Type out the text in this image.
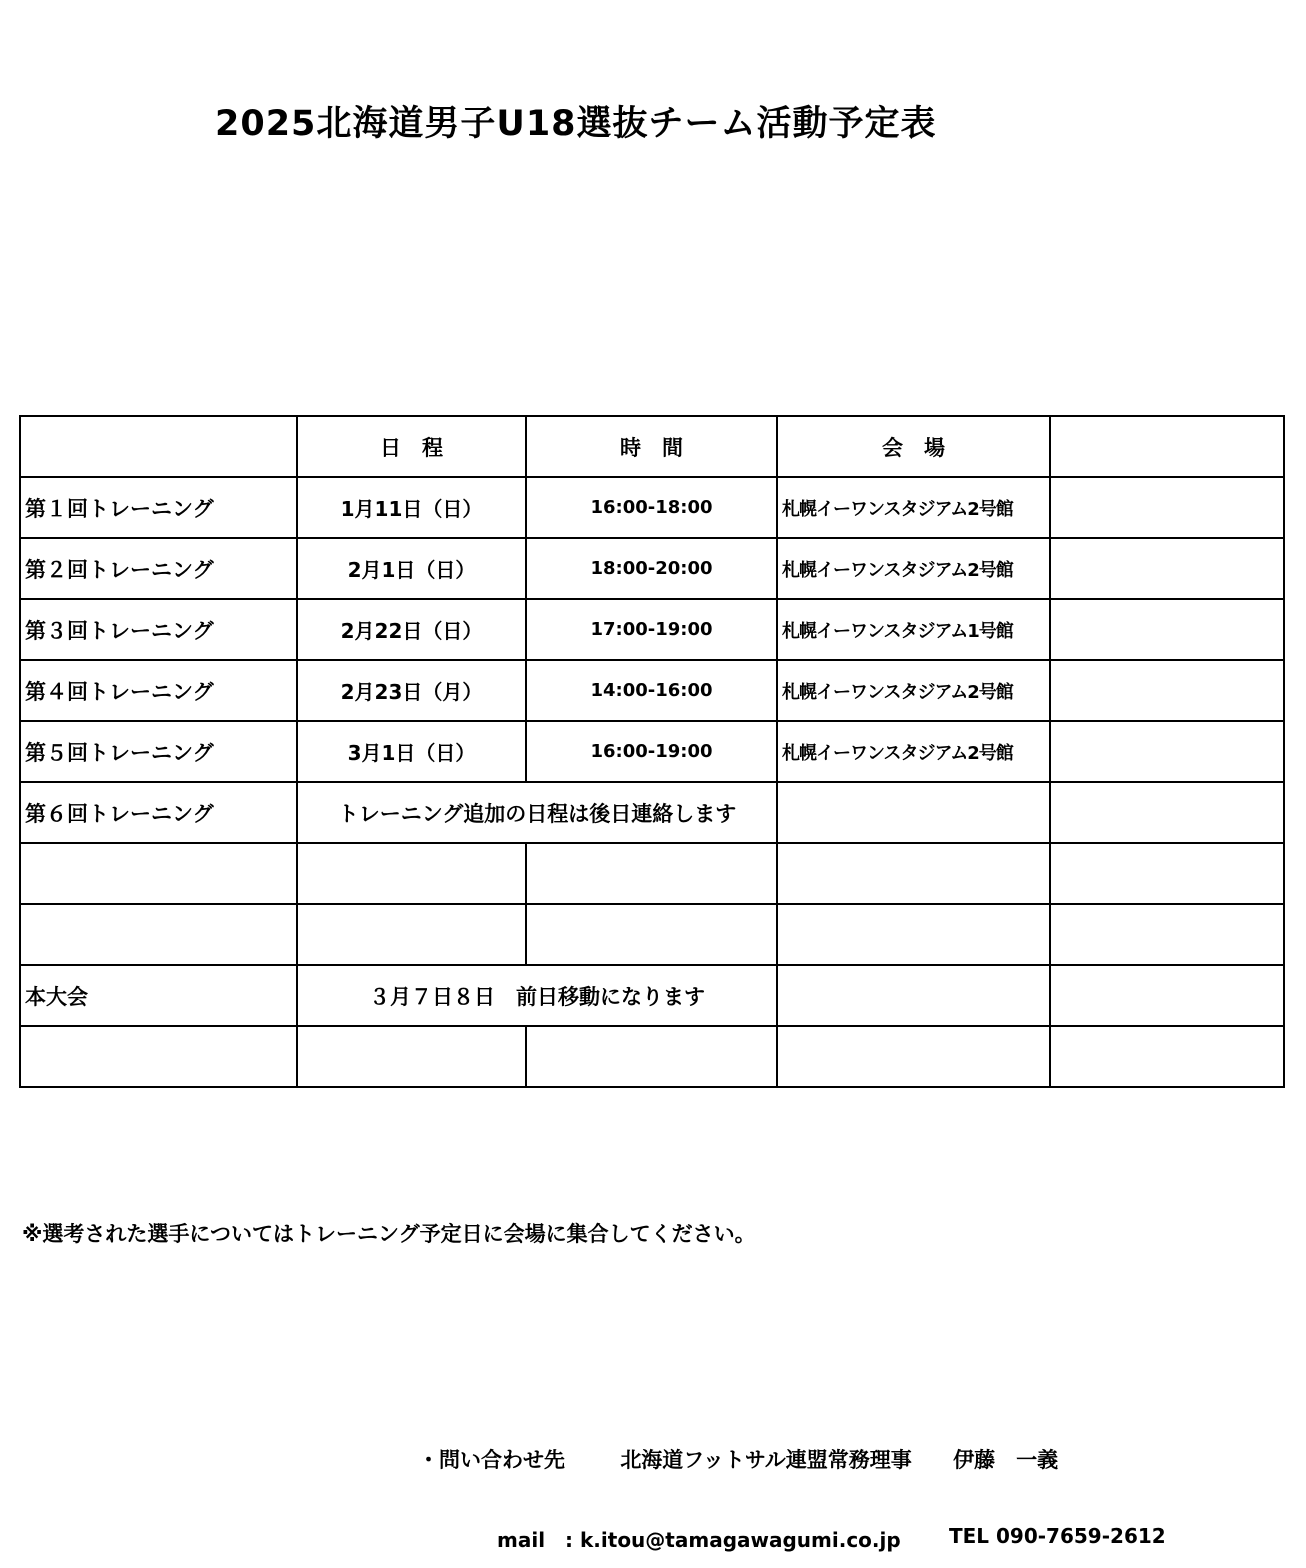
2025北海道男子U18選抜チーム活動予定表
	日　程	時　間	会　場	
第１回トレーニング	1月11日（日）	16:00-18:00	札幌イーワンスタジアム2号館	
第２回トレーニング	2月1日（日）	18:00-20:00	札幌イーワンスタジアム2号館	
第３回トレーニング	2月22日（日）	17:00-19:00	札幌イーワンスタジアム1号館	
第４回トレーニング	2月23日（月）	14:00-16:00	札幌イーワンスタジアム2号館	
第５回トレーニング	3月1日（日）	16:00-19:00	札幌イーワンスタジアム2号館	
第６回トレーニング	トレーニング追加の日程は後日連絡します			

本大会	３月７日８日　前日移動になります			

※選考された選手についてはトレーニング予定日に会場に集合してください。
・問い合わせ先	北海道フットサル連盟常務理事 伊藤　一義
mail　: k.itou@tamagawagumi.co.jp TEL 090-7659-2612
